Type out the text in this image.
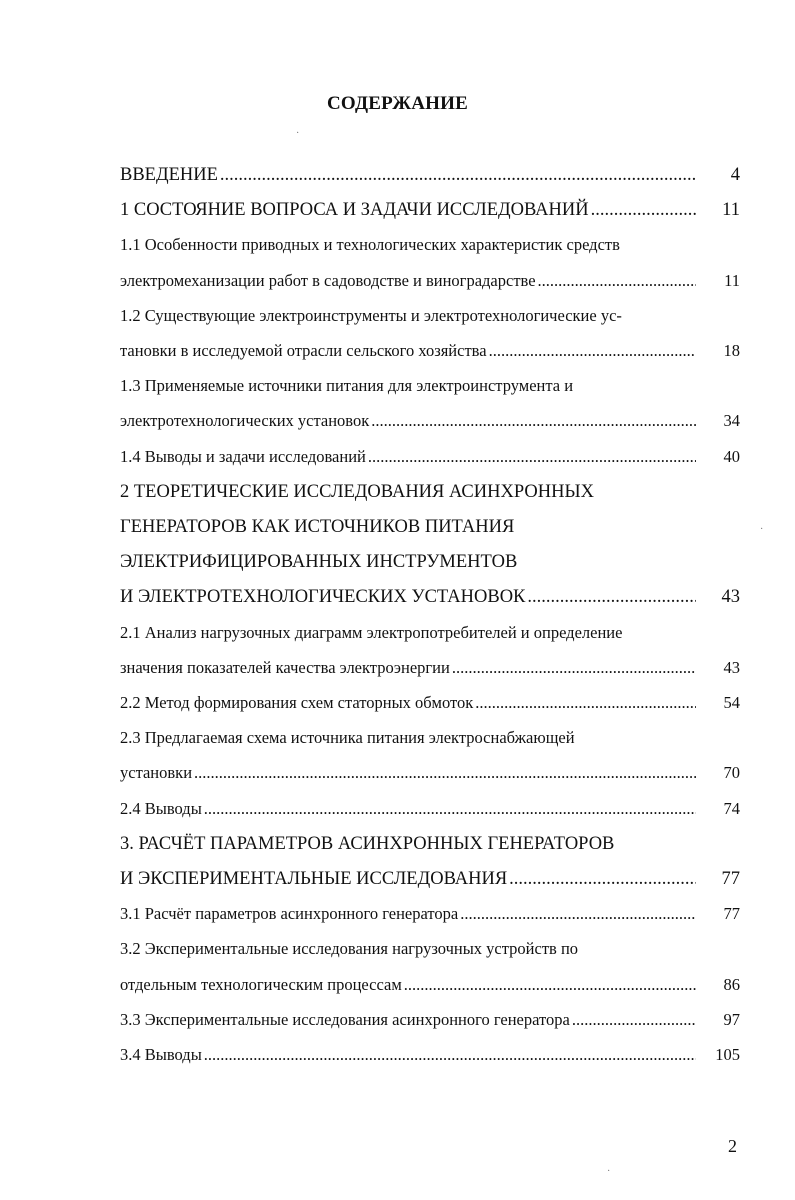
СОДЕРЖАНИЕ
ВВЕДЕНИЕ .....	4
1 СОСТОЯНИЕ ВОПРОСА И ЗАДАЧИ ИССЛЕДОВАНИЙ .....	11
1.1 Особенности приводных и технологических характеристик средств
электромеханизации работ в садоводстве и виноградарстве .....	11
1.2 Существующие электроинструменты и электротехнологические ус-
тановки в исследуемой отрасли сельского хозяйства .....	18
1.3 Применяемые источники питания для электроинструмента и
электротехнологических установок .....	34
1.4 Выводы и задачи исследований .....	40
2 ТЕОРЕТИЧЕСКИЕ ИССЛЕДОВАНИЯ АСИНХРОННЫХ
ГЕНЕРАТОРОВ КАК ИСТОЧНИКОВ ПИТАНИЯ
ЭЛЕКТРИФИЦИРОВАННЫХ ИНСТРУМЕНТОВ
И ЭЛЕКТРОТЕХНОЛОГИЧЕСКИХ УСТАНОВОК .....	43
2.1 Анализ нагрузочных диаграмм электропотребителей и определение
значения показателей качества электроэнергии .....	43
2.2 Метод формирования схем статорных обмоток .....	54
2.3 Предлагаемая схема источника питания электроснабжающей
установки .....	70
2.4 Выводы .....	74
3. РАСЧЁТ ПАРАМЕТРОВ АСИНХРОННЫХ ГЕНЕРАТОРОВ
И ЭКСПЕРИМЕНТАЛЬНЫЕ ИССЛЕДОВАНИЯ .....	77
3.1 Расчёт параметров асинхронного генератора .....	77
3.2 Экспериментальные исследования нагрузочных устройств по
отдельным технологическим процессам .....	86
3.3 Экспериментальные исследования асинхронного генератора .....	97
3.4 Выводы .....	105
2
·
·
·
